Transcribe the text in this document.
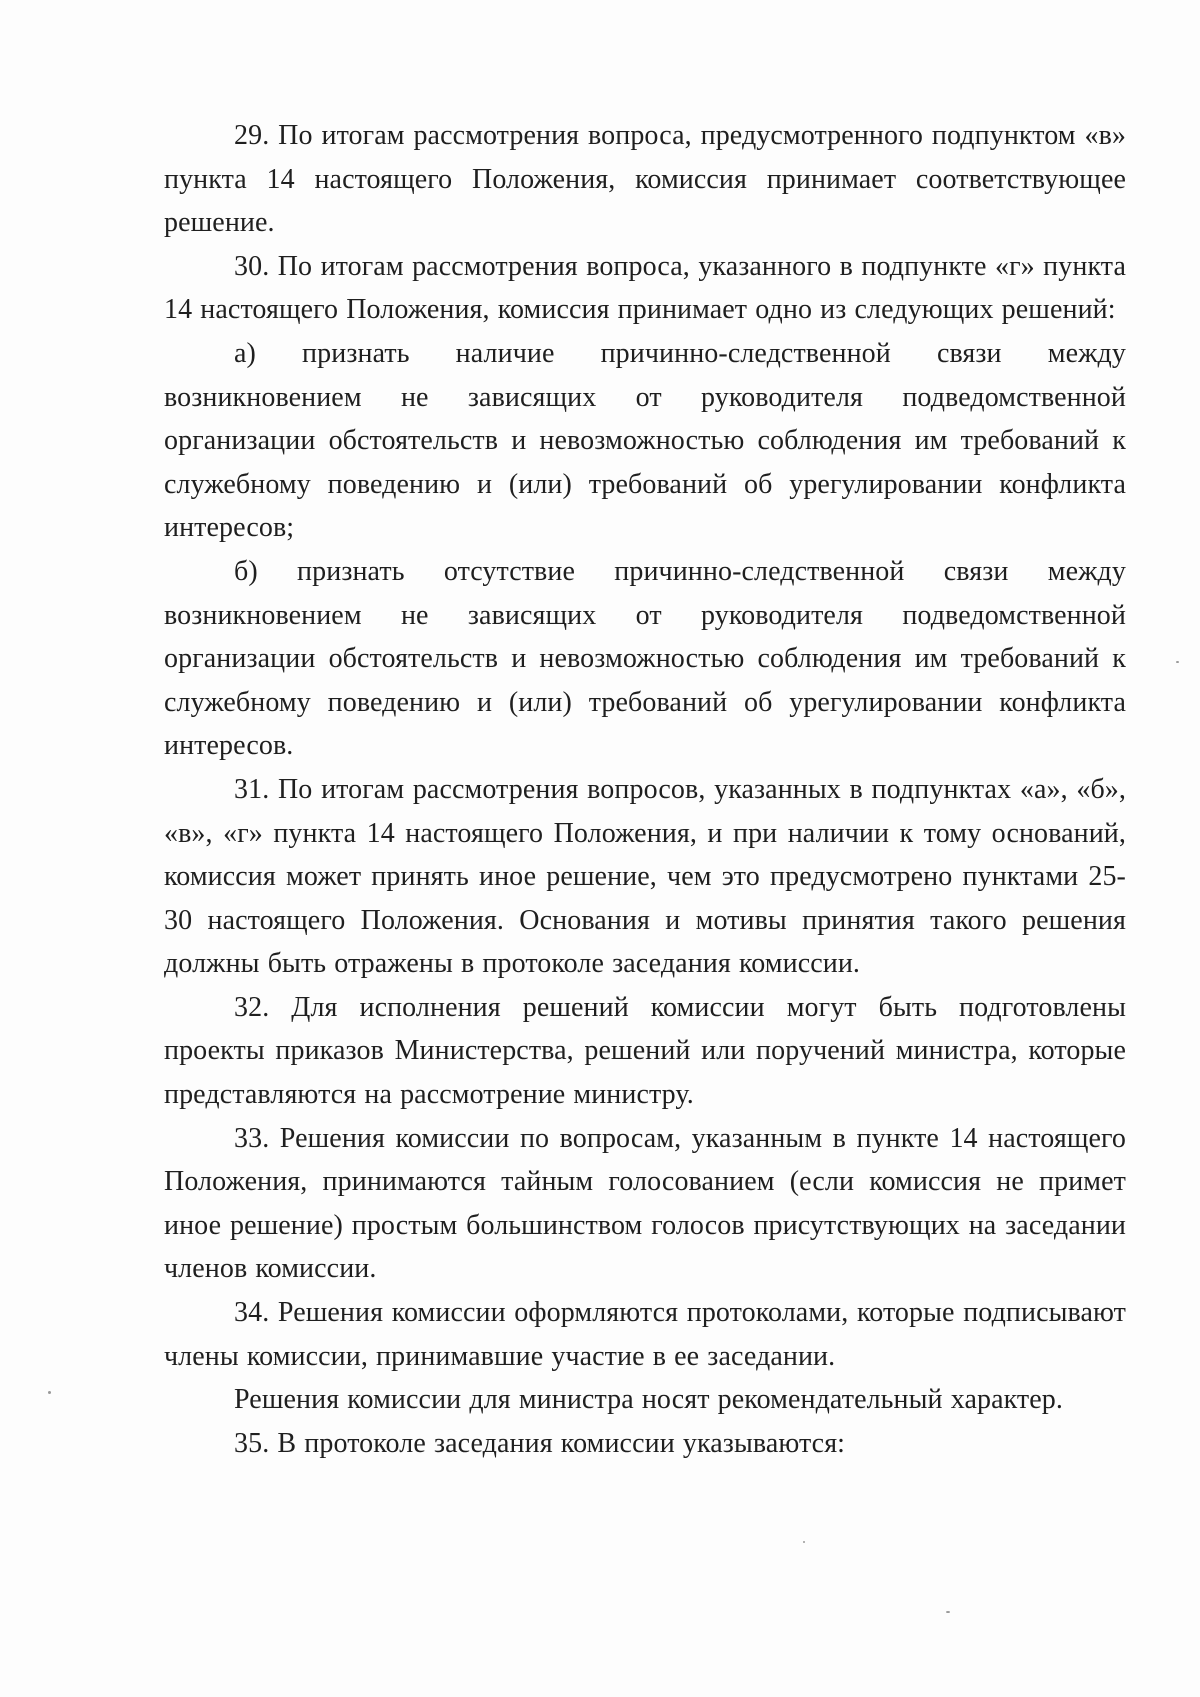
29. По итогам рассмотрения вопроса, предусмотренного подпунктом «в» пункта 14 настоящего Положения, комиссия принимает соответствующее решение.

30. По итогам рассмотрения вопроса, указанного в подпункте «г» пункта 14 настоящего Положения, комиссия принимает одно из следующих решений:

а) признать наличие причинно-следственной связи между возникновением не зависящих от руководителя подведомственной организации обстоятельств и невозможностью соблюдения им требований к служебному поведению и (или) требований об урегулировании конфликта интересов;

б) признать отсутствие причинно-следственной связи между возникновением не зависящих от руководителя подведомственной организации обстоятельств и невозможностью соблюдения им требований к служебному поведению и (или) требований об урегулировании конфликта интересов.

31. По итогам рассмотрения вопросов, указанных в подпунктах «а», «б», «в», «г» пункта 14 настоящего Положения, и при наличии к тому оснований, комиссия может принять иное решение, чем это предусмотрено пунктами 25-30 настоящего Положения. Основания и мотивы принятия такого решения должны быть отражены в протоколе заседания комиссии.

32. Для исполнения решений комиссии могут быть подготовлены проекты приказов Министерства, решений или поручений министра, которые представляются на рассмотрение министру.

33. Решения комиссии по вопросам, указанным в пункте 14 настоящего Положения, принимаются тайным голосованием (если комиссия не примет иное решение) простым большинством голосов присутствующих на заседании членов комиссии.

34. Решения комиссии оформляются протоколами, которые подписывают члены комиссии, принимавшие участие в ее заседании.

Решения комиссии для министра носят рекомендательный характер.

35. В протоколе заседания комиссии указываются:
